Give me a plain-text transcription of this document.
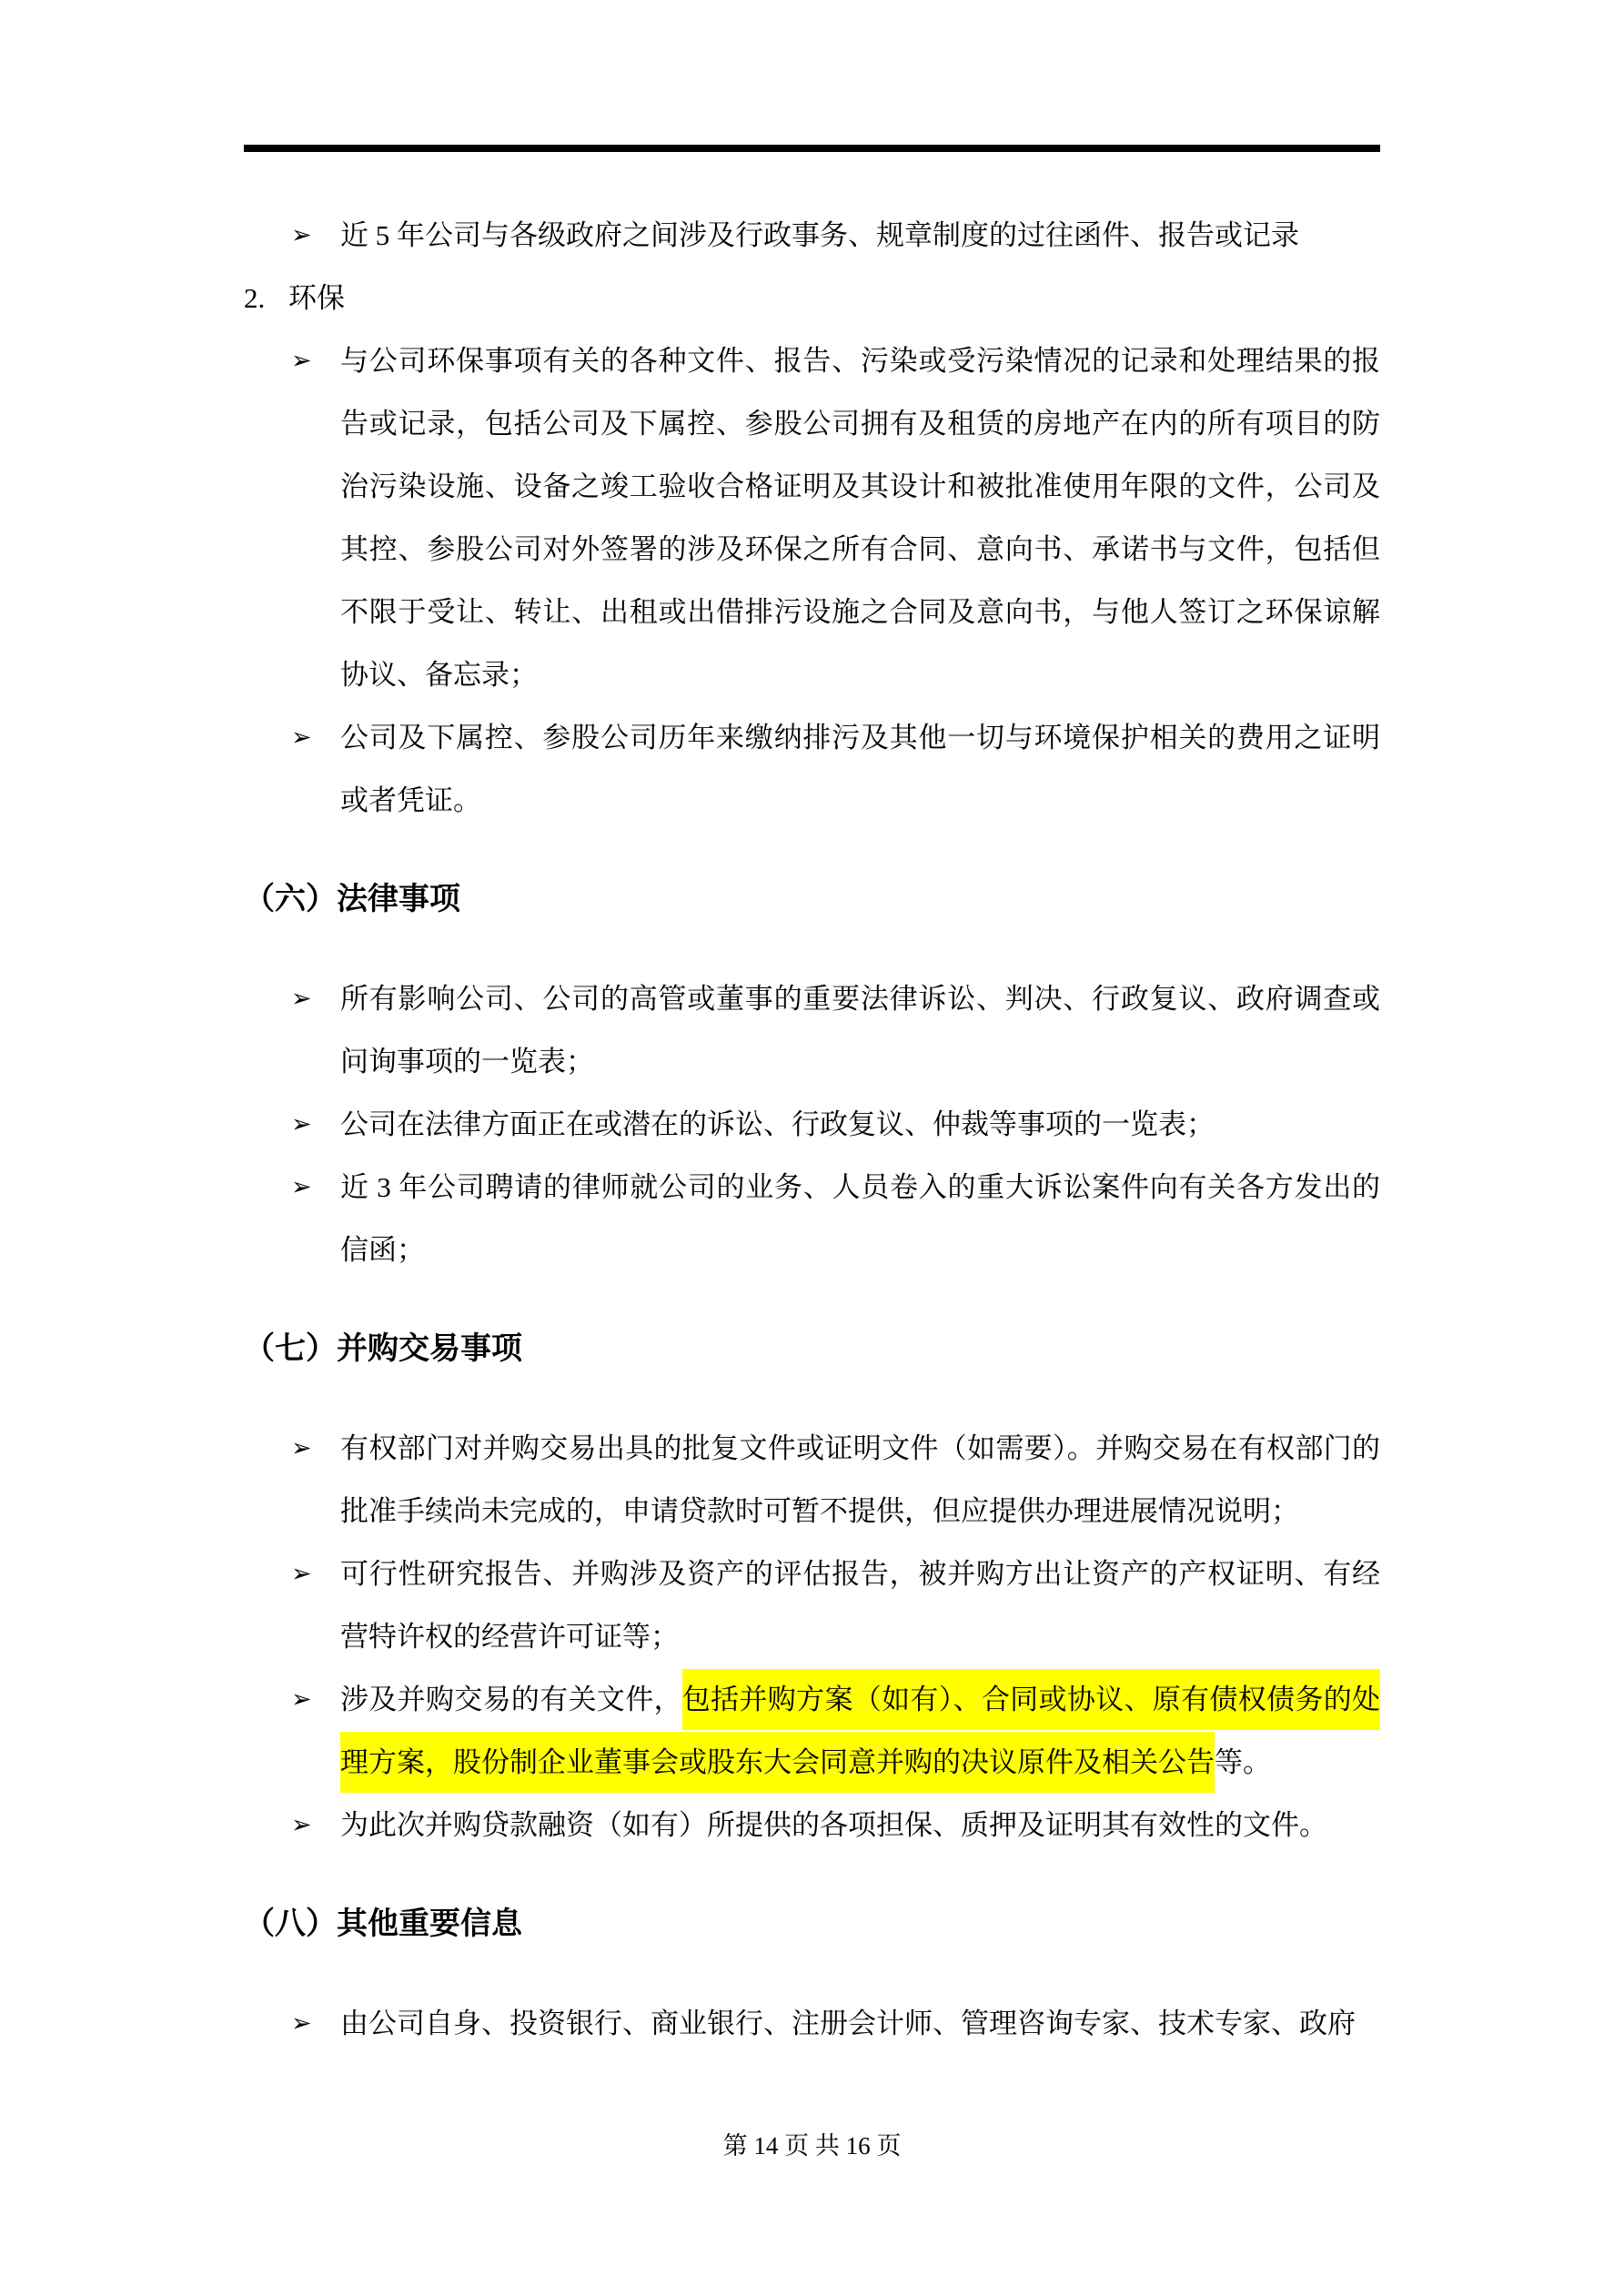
➢ 近 5 年公司与各级政府之间涉及行政事务、规章制度的过往函件、报告或记录

2. 环保

➢ 与公司环保事项有关的各种文件、报告、污染或受污染情况的记录和处理结果的报告或记录，包括公司及下属控、参股公司拥有及租赁的房地产在内的所有项目的防治污染设施、设备之竣工验收合格证明及其设计和被批准使用年限的文件，公司及其控、参股公司对外签署的涉及环保之所有合同、意向书、承诺书与文件，包括但不限于受让、转让、出租或出借排污设施之合同及意向书，与他人签订之环保谅解协议、备忘录；

➢ 公司及下属控、参股公司历年来缴纳排污及其他一切与环境保护相关的费用之证明或者凭证。

（六）法律事项

➢ 所有影响公司、公司的高管或董事的重要法律诉讼、判决、行政复议、政府调查或问询事项的一览表；

➢ 公司在法律方面正在或潜在的诉讼、行政复议、仲裁等事项的一览表；

➢ 近 3 年公司聘请的律师就公司的业务、人员卷入的重大诉讼案件向有关各方发出的信函；

（七）并购交易事项

➢ 有权部门对并购交易出具的批复文件或证明文件（如需要）。并购交易在有权部门的批准手续尚未完成的，申请贷款时可暂不提供，但应提供办理进展情况说明；

➢ 可行性研究报告、并购涉及资产的评估报告，被并购方出让资产的产权证明、有经营特许权的经营许可证等；

➢ 涉及并购交易的有关文件，包括并购方案（如有）、合同或协议、原有债权债务的处理方案，股份制企业董事会或股东大会同意并购的决议原件及相关公告等。

➢ 为此次并购贷款融资（如有）所提供的各项担保、质押及证明其有效性的文件。

（八）其他重要信息

➢ 由公司自身、投资银行、商业银行、注册会计师、管理咨询专家、技术专家、政府

第 14 页 共 16 页
